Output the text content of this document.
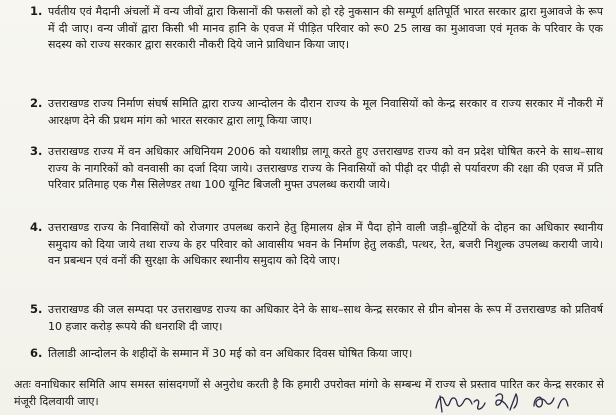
1. पर्वतीय एवं मैदानी अंचलों में वन्य जीवों द्वारा किसानों की फसलों को हो रहे नुकसान की सम्पूर्ण क्षतिपूर्ति भारत सरकार द्वारा मुआवजे के रूप में दी जाए। वन्य जीवों द्वारा किसी भी मानव हानि के एवज में पीड़ित परिवार को रू0 25 लाख का मुआवजा एवं मृतक के परिवार के एक सदस्य को राज्य सरकार द्वारा सरकारी नौकरी दिये जाने प्राविधान किया जाए।
2. उत्तराखण्ड राज्य निर्माण संघर्ष समिति द्वारा राज्य आन्दोलन के दौरान राज्य के मूल निवासियों को केन्द्र सरकार व राज्य सरकार में नौकरी में आरक्षण देने की प्रथम मांग को भारत सरकार द्वारा लागू किया जाए।
3. उत्तराखण्ड राज्य में वन अधिकार अधिनियम 2006 को यथाशीघ्र लागू करते हुए उत्तराखण्ड राज्य को वन प्रदेश घोषित करने के साथ–साथ राज्य के नागरिकों को वनवासी का दर्जा दिया जाये। उत्तराखण्ड राज्य के निवासियों को पीढ़ी दर पीढ़ी से पर्यावरण की रक्षा की एवज में प्रति परिवार प्रतिमाह एक गैस सिलेण्डर तथा 100 यूनिट बिजली मुफ्त उपलब्ध करायी जाये।
4. उत्तराखण्ड राज्य के निवासियों को रोजगार उपलब्ध कराने हेतु हिमालय क्षेत्र में पैदा होने वाली जड़ी–बूटियों के दोहन का अधिकार स्थानीय समुदाय को दिया जाये तथा राज्य के हर परिवार को आवासीय भवन के निर्माण हेतु लकडी, पत्थर, रेत, बजरी निशुल्क उपलब्ध करायी जाये। वन प्रबन्धन एवं वनों की सुरक्षा के अधिकार स्थानीय समुदाय को दिये जाए।
5. उत्तराखण्ड की जल सम्पदा पर उत्तराखण्ड राज्य का अधिकार देने के साथ–साथ केन्द्र सरकार से ग्रीन बोनस के रूप में उत्तराखण्ड को प्रतिवर्ष 10 हजार करोड़ रूपये की धनराशि दी जाए।
6. तिलाडी आन्दोलन के शहीदों के सम्मान में 30 मई को वन अधिकार दिवस घोषित किया जाए।
अतः वनाधिकार समिति आप समस्त सांसदगणों से अनुरोध करती है कि हमारी उपरोक्त मांगो के सम्बन्ध में राज्य से प्रस्ताव पारित कर केन्द्र सरकार से मंजूरी दिलवायी जाए।
